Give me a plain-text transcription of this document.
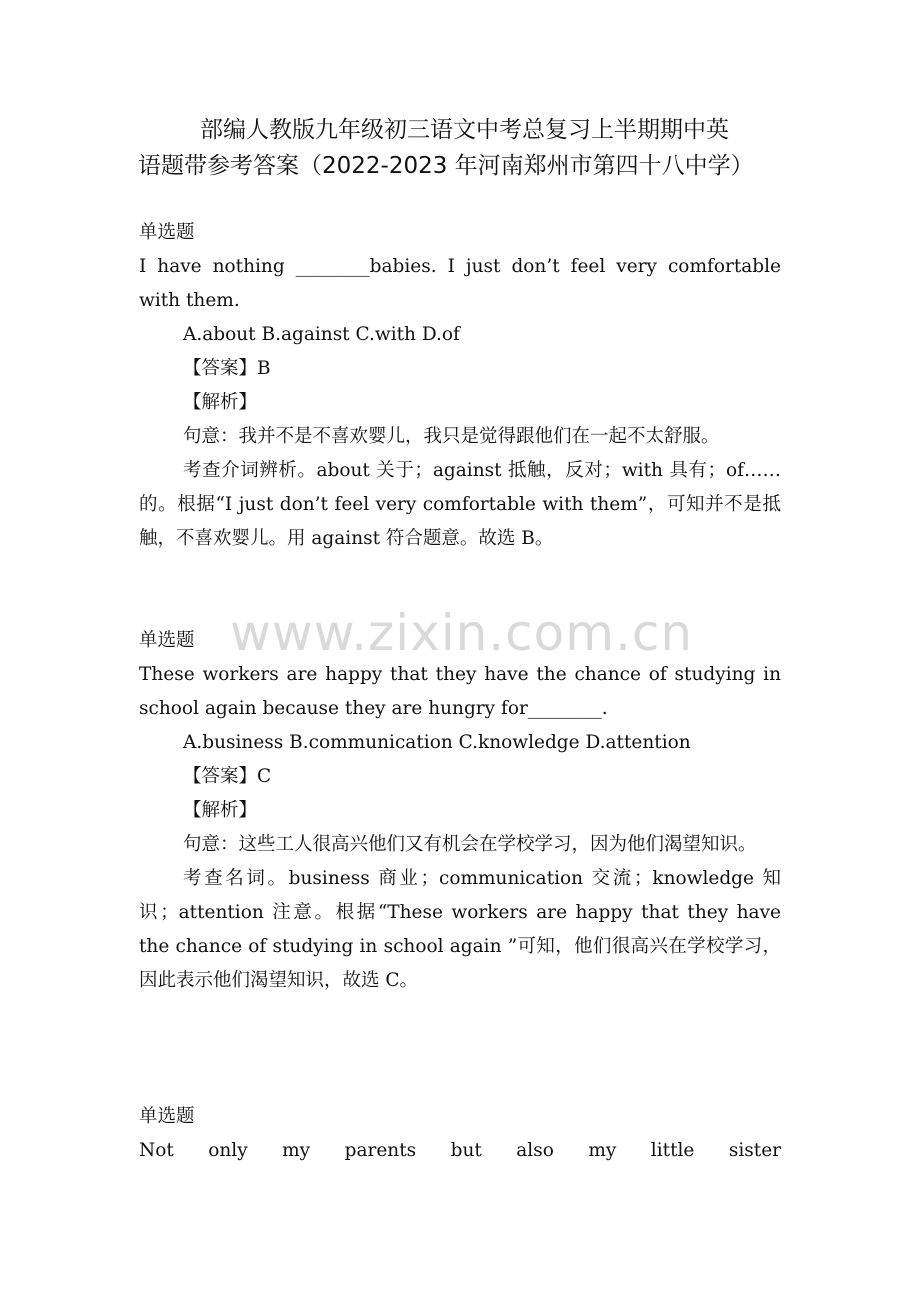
部编人教版九年级初三语文中考总复习上半期期中英
语题带参考答案（2022-2023 年河南郑州市第四十八中学）
www.zixin.com.cn
单选题
I have nothing ________babies. I just don’t feel very comfortable with them.
A.about B.against C.with D.of
【答案】B
【解析】
句意：我并不是不喜欢婴儿，我只是觉得跟他们在一起不太舒服。
考查介词辨析。about 关于；against 抵触，反对；with 具有；of……的。根据“I just don’t feel very comfortable with them”，可知并不是抵触，不喜欢婴儿。用 against 符合题意。故选 B。
单选题
These workers are happy that they have the chance of studying in school again because they are hungry for________.
A.business B.communication C.knowledge D.attention
【答案】C
【解析】
句意：这些工人很高兴他们又有机会在学校学习，因为他们渴望知识。
考查名词。business 商业；communication 交流；knowledge 知识；attention 注意。根据“These workers are happy that they have the chance of studying in school again ”可知，他们很高兴在学校学习，因此表示他们渴望知识，故选 C。
单选题
Not only my parents but also my little sister
